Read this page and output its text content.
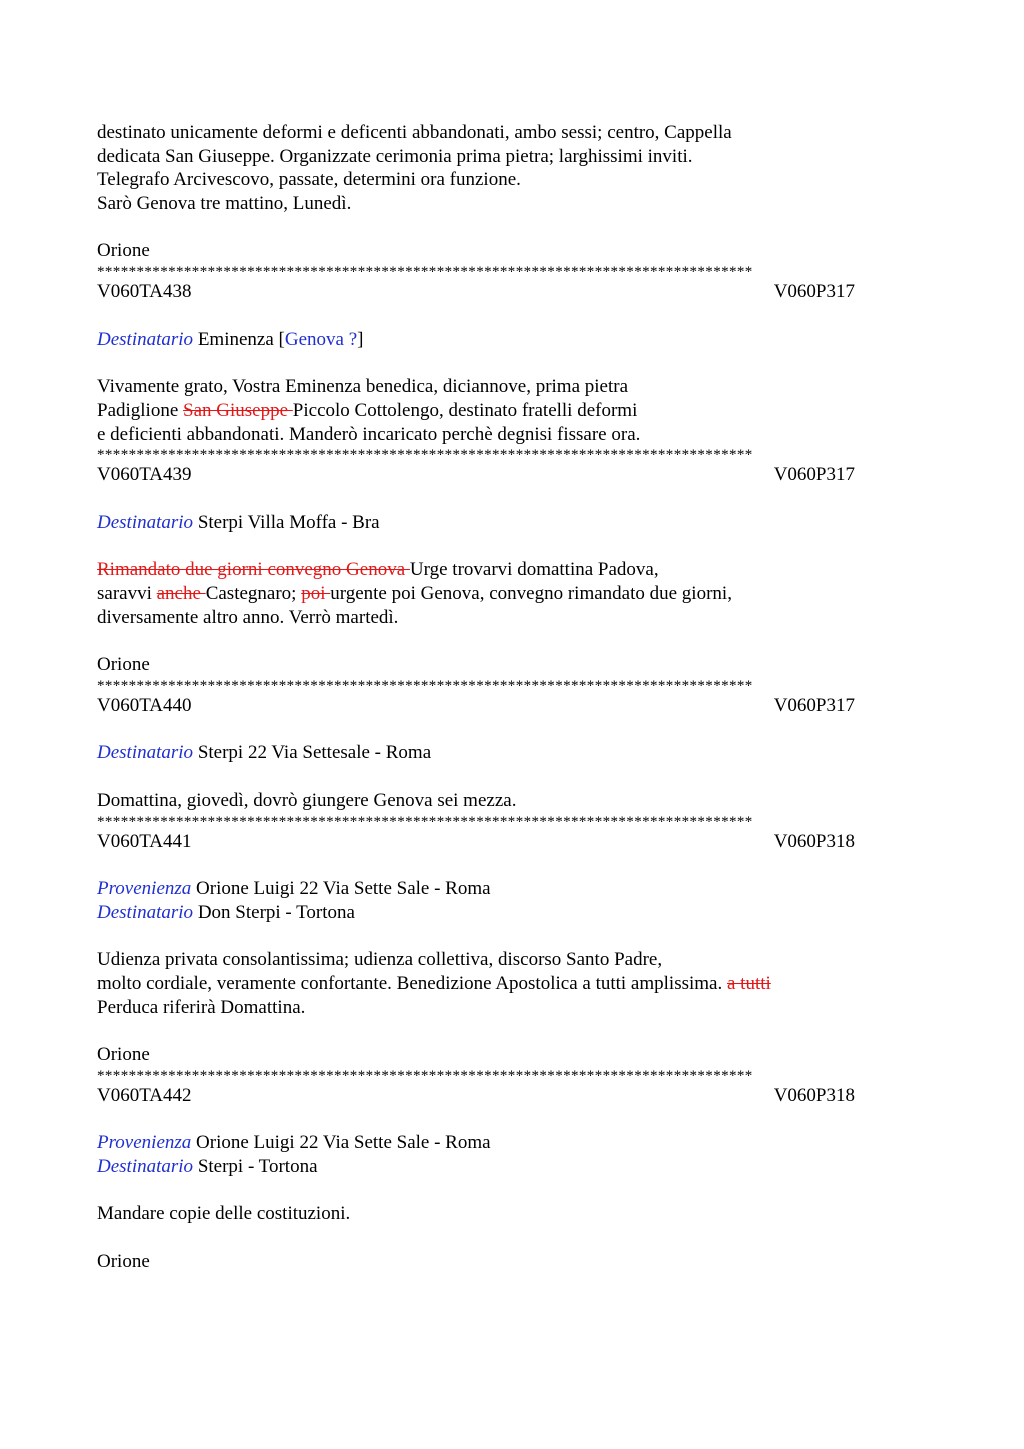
destinato unicamente deformi e deficenti abbandonati, ambo sessi; centro, Cappella
dedicata San Giuseppe. Organizzate cerimonia prima pietra; larghissimi inviti.
Telegrafo Arcivescovo, passate, determini ora funzione.
Sarò Genova tre mattino, Lunedì.
Orione
***********************************************************************************
V060TA438	V060P317
Destinatario Eminenza [Genova ?]
Vivamente grato, Vostra Eminenza benedica, diciannove, prima pietra
Padiglione San Giuseppe Piccolo Cottolengo, destinato fratelli deformi
e deficienti abbandonati. Manderò incaricato perchè degnisi fissare ora.
***********************************************************************************
V060TA439	V060P317
Destinatario Sterpi Villa Moffa - Bra
Rimandato due giorni convegno Genova Urge trovarvi domattina Padova,
saravvi anche Castegnaro; poi urgente poi Genova, convegno rimandato due giorni,
diversamente altro anno. Verrò martedì.
Orione
***********************************************************************************
V060TA440	V060P317
Destinatario Sterpi 22 Via Settesale - Roma
Domattina, giovedì, dovrò giungere Genova sei mezza.
***********************************************************************************
V060TA441	V060P318
Provenienza Orione Luigi 22 Via Sette Sale - Roma
Destinatario Don Sterpi - Tortona
Udienza privata consolantissima; udienza collettiva, discorso Santo Padre,
molto cordiale, veramente confortante. Benedizione Apostolica a tutti amplissima. a tutti
Perduca riferirà Domattina.
Orione
***********************************************************************************
V060TA442	V060P318
Provenienza Orione Luigi 22 Via Sette Sale - Roma
Destinatario Sterpi - Tortona
Mandare copie delle costituzioni.
Orione
